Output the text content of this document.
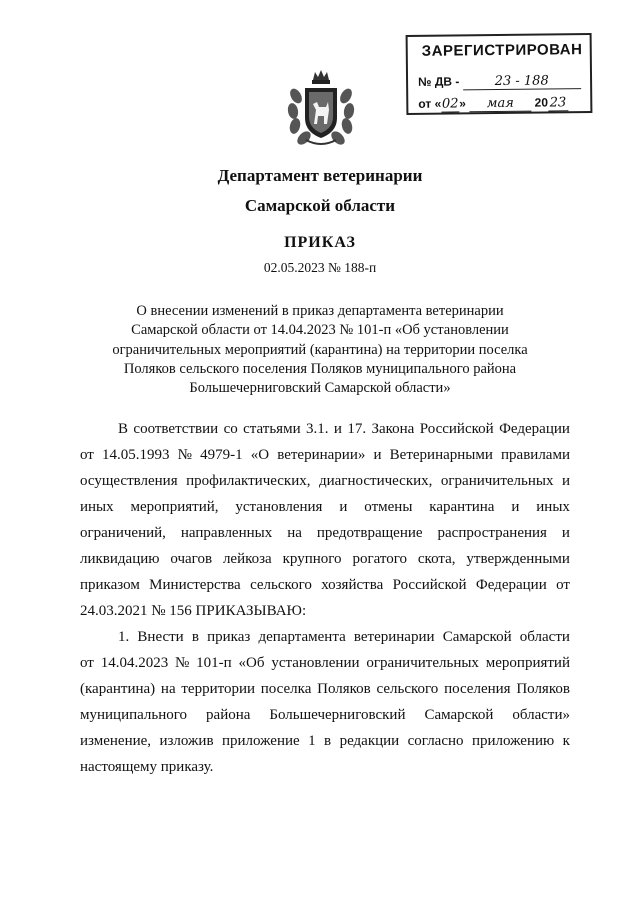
ЗАРЕГИСТРИРОВАН
№ ДВ -	23 - 188
от «02» мая 20 23
Департамент ветеринарии
Самарской области
ПРИКАЗ
02.05.2023 № 188-п
О внесении изменений в приказ департамента ветеринарии
Самарской области от 14.04.2023 № 101-п «Об установлении
ограничительных мероприятий (карантина) на территории поселка
Поляков сельского поселения Поляков муниципального района
Большечерниговский Самарской области»
В соответствии со статьями 3.1. и 17. Закона Российской Федерации
от 14.05.1993 № 4979-1 «О ветеринарии» и Ветеринарными правилами
осуществления профилактических, диагностических, ограничительных и
иных мероприятий, установления и отмены карантина и иных
ограничений, направленных на предотвращение распространения и
ликвидацию очагов лейкоза крупного рогатого скота, утвержденными
приказом Министерства сельского хозяйства Российской Федерации от
24.03.2021 № 156 ПРИКАЗЫВАЮ:
1. Внести в приказ департамента ветеринарии Самарской области
от 14.04.2023 № 101-п «Об установлении ограничительных мероприятий
(карантина) на территории поселка Поляков сельского поселения Поляков
муниципального района Большечерниговский Самарской области»
изменение, изложив приложение 1 в редакции согласно приложению к
настоящему приказу.
